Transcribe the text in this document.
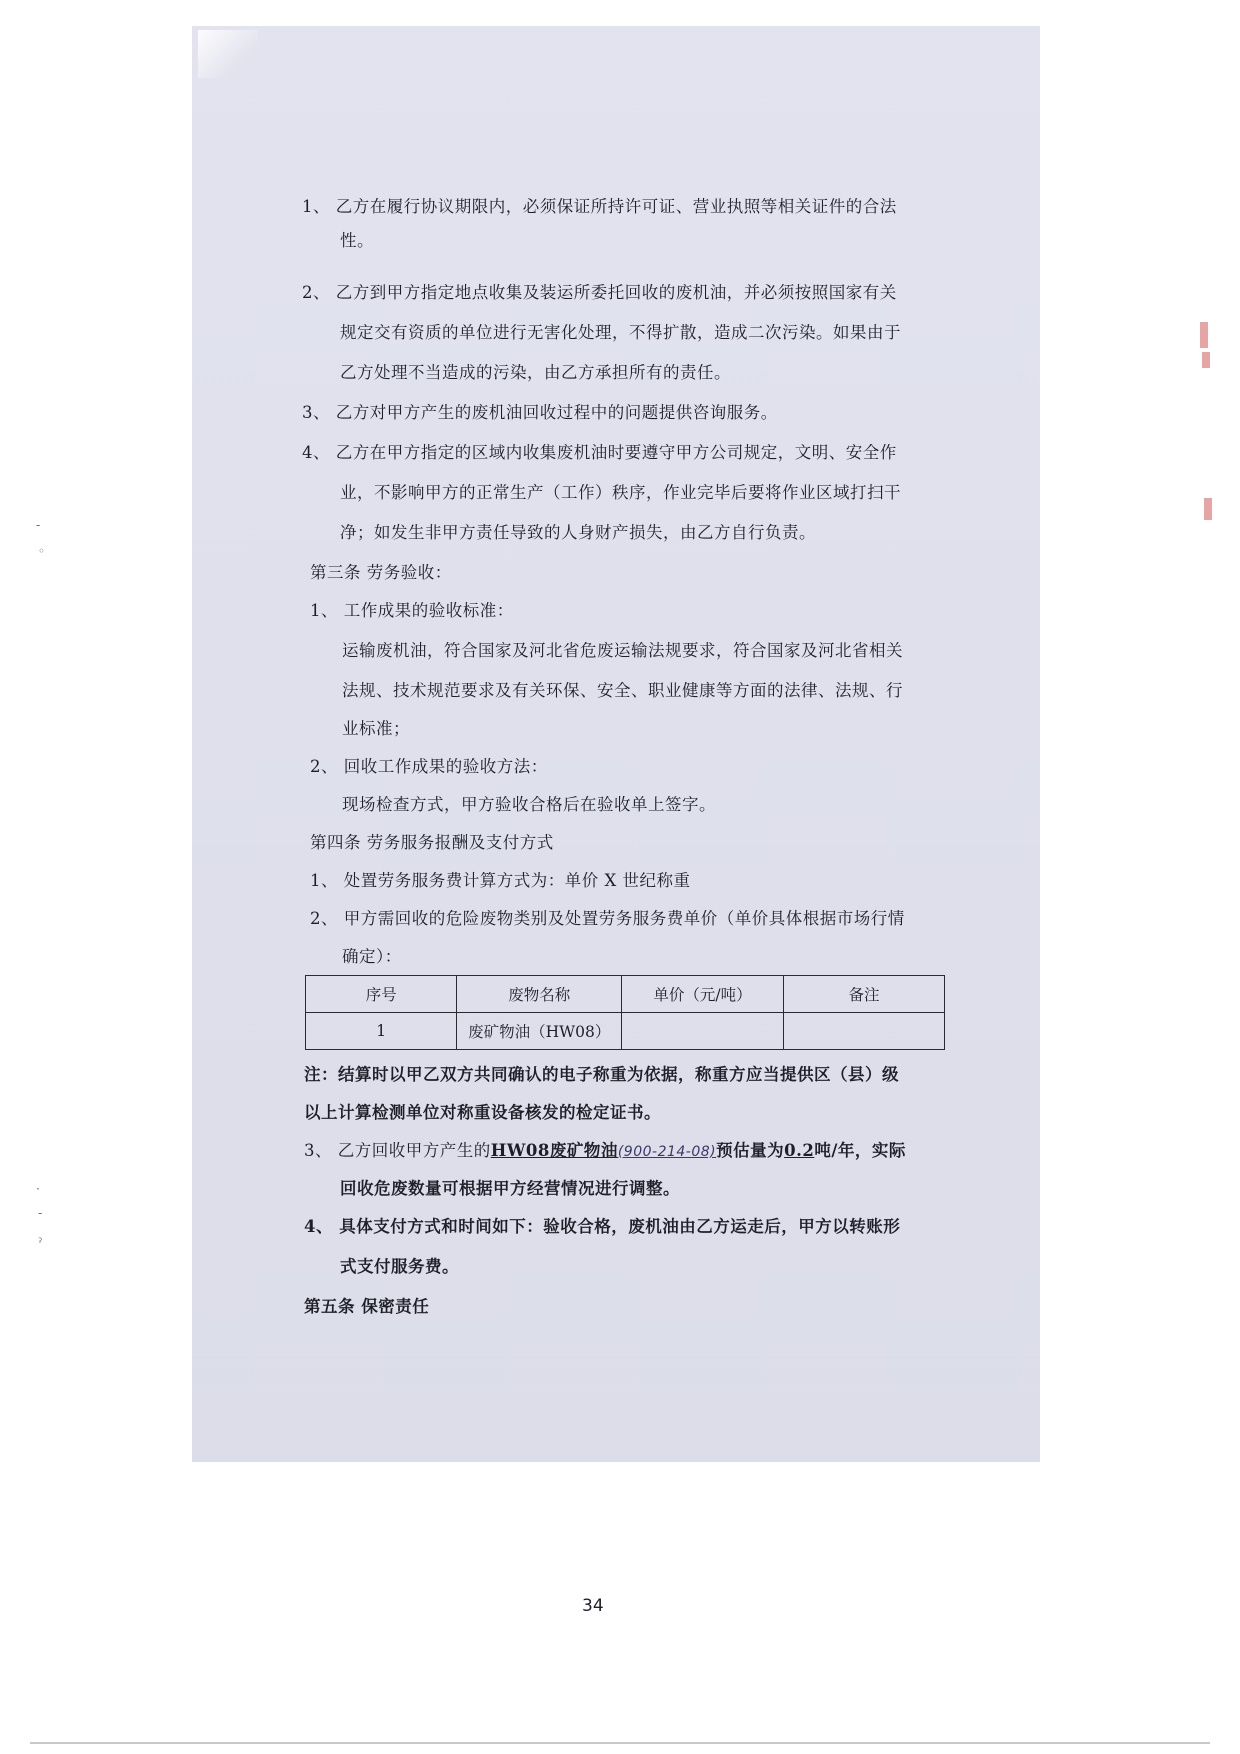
-
◦
·
-
ˀ
1、 乙方在履行协议期限内，必须保证所持许可证、营业执照等相关证件的合法
性。
2、 乙方到甲方指定地点收集及装运所委托回收的废机油，并必须按照国家有关
规定交有资质的单位进行无害化处理，不得扩散，造成二次污染。如果由于
乙方处理不当造成的污染，由乙方承担所有的责任。
3、 乙方对甲方产生的废机油回收过程中的问题提供咨询服务。
4、 乙方在甲方指定的区域内收集废机油时要遵守甲方公司规定，文明、安全作
业，不影响甲方的正常生产（工作）秩序，作业完毕后要将作业区域打扫干
净；如发生非甲方责任导致的人身财产损失，由乙方自行负责。
第三条 劳务验收：
1、 工作成果的验收标准：
运输废机油，符合国家及河北省危废运输法规要求，符合国家及河北省相关
法规、技术规范要求及有关环保、安全、职业健康等方面的法律、法规、行
业标准；
2、 回收工作成果的验收方法：
现场检查方式，甲方验收合格后在验收单上签字。
第四条 劳务服务报酬及支付方式
1、 处置劳务服务费计算方式为：单价 X 世纪称重
2、 甲方需回收的危险废物类别及处置劳务服务费单价（单价具体根据市场行情
确定）：
序号	废物名称	单价（元/吨）	备注
1	废矿物油（HW08）		
注：结算时以甲乙双方共同确认的电子称重为依据，称重方应当提供区（县）级
以上计算检测单位对称重设备核发的检定证书。
3、 乙方回收甲方产生的HW08废矿物油(900-214-08)预估量为0.2吨/年，实际
回收危废数量可根据甲方经营情况进行调整。
4、 具体支付方式和时间如下：验收合格，废机油由乙方运走后，甲方以转账形
式支付服务费。
第五条 保密责任
34
